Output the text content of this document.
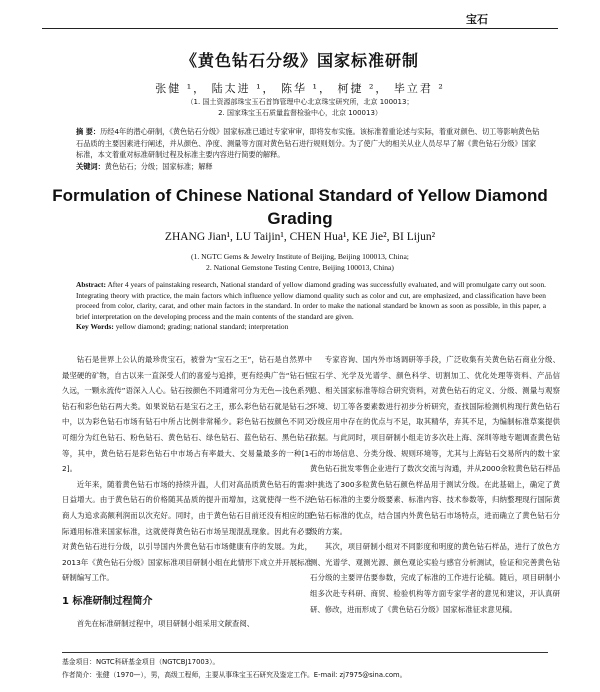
宝石
《黄色钻石分级》国家标准研制
张健 ¹， 陆太进 ¹， 陈华 ¹， 柯捷 ²， 毕立君 ²
（1. 国土资源部珠宝玉石首饰管理中心北京珠宝研究所，北京 100013；
2. 国家珠宝玉石质量监督检验中心，北京 100013）
摘 要：历经4年的潜心研制，《黄色钻石分级》国家标准已通过专家审审，即将发布实施。该标准着重论述与实际，着重对颜色、切工等影响黄色钻石品质的主要因素进行阐述，并从颜色、净度、测量等方面对黄色钻石进行规则划分。为了使广大的相关从业人员尽早了解《黄色钻石分级》国家标准，本文着重对标准研制过程及标准主要内容进行简要的解释。
关键词：黄色钻石；分级；国家标准；解释
Formulation of Chinese National Standard of Yellow Diamond Grading
ZHANG Jian¹, LU Taijin¹, CHEN Hua¹, KE Jie², BI Lijun²
(1. NGTC Gems & Jewelry Institute of Beijing, Beijing 100013, China;
2. National Gemstone Testing Centre, Beijing 100013, China)
Abstract: After 4 years of painstaking research, National standard of yellow diamond grading was successfully evaluated, and will promulgate carry out soon. Integrating theory with practice, the main factors which influence yellow diamond quality such as color and cut, are emphasized, and classification have been proceed from color, clarity, carat, and other main factors in the standard. In order to make the national standard be known as soon as possible, in this paper, a brief interpretation on the developing process and the main contents of the standard are given.
Key Words: yellow diamond; grading; national standard; interpretation

钻石是世界上公认的最珍贵宝石，被誉为“宝石之王”，钻石是自然界中最坚硬的矿物，自古以来一直深受人们的喜爱与追捧，更有经典广告“钻石恒久远，一颗永流传”语深入人心。钻石按颜色不同通常可分为无色—浅色系列钻石和彩色钻石两大类。如果说钻石是宝石之王，那么彩色钻石就是钻石之中，以为彩色钻石市场有钻石中所占比例非常稀少。彩色钻石按颜色不同又可细分为红色钻石、粉色钻石、黄色钻石、绿色钻石、蓝色钻石、黑色钻石等，其中，黄色钻石是彩色钻石中市场占有率最大、交易量最多的一种[1-2]。

近年来，随着黄色钻石市场的持续升温，人们对高品质黄色钻石的需求日益增大。由于黄色钻石的价格随其品质的提升而增加，这就使得一些不法商人为追求高额利润而以次充好。同时，由于黄色钻石目前还没有相应的国际通用标准来国家标准，这就使得黄色钻石市场呈现混乱现象。因此有必要对黄色钻石进行分级，以引导国内外黄色钻石市场健康有序的发展。为此，2013年《黄色钻石分级》国家标准项目研制小组在此情形下成立并开展标准研制编写工作。

1 标准研制过程简介

首先在标准研制过程中，项目研制小组采用文献查阅、

专家咨询、国内外市场调研等手段，广泛收集有关黄色钻石商业分级、宝石学、光学及光谱学、颜色科学、切割加工、优化处理等资料、产品信息、相关国家标准等综合研究资料，对黄色钻石的定义、分级、测量与观察环境、切工等各要素数进行初步分析研究，查找国际检测机构现行黄色钻石分级应用中存在的优点与不足，取其精华，弃其不足，为编制标准草案提供依据。与此同时，项目研制小组走访多次赴上海、深圳等地专题调查黄色钻石的市场信息、分类分级、规则环境等，尤其与上海钻石交易所内的数十家黄色钻石批发零售企业进行了数次交流与沟通，并从2000余粒黄色钻石样品中挑选了300多粒黄色钻石颜色样品用于测试分级。在此基础上，确定了黄色钻石标准的主要分级要素、标准内容、技术参数等，归纳整理现行国际黄色钻石标准的优点，结合国内外黄色钻石市场特点，进而确立了黄色钻石分级的方案。

其次，项目研制小组对不同影度和明度的黄色钻石样品，进行了放色方测、光谱学、观测光源、颜色观论实验与感官分析测试，验证和完善黄色钻石分级的主要评估要参数，完成了标准的工作进行论稿。随后，项目研制小组多次赴专科研、商贸、检验机构等方面专家学者的意见和建议，开认真研研、修改，进而形成了《黄色钻石分级》国家标准征求意见稿。

基金项目：NGTC科研基金项目（NGTCBJ17003）。
作者简介：张健（1970—），男，高级工程师，主要从事珠宝玉石研究及鉴定工作。E-mail: zj7975@sina.com。
